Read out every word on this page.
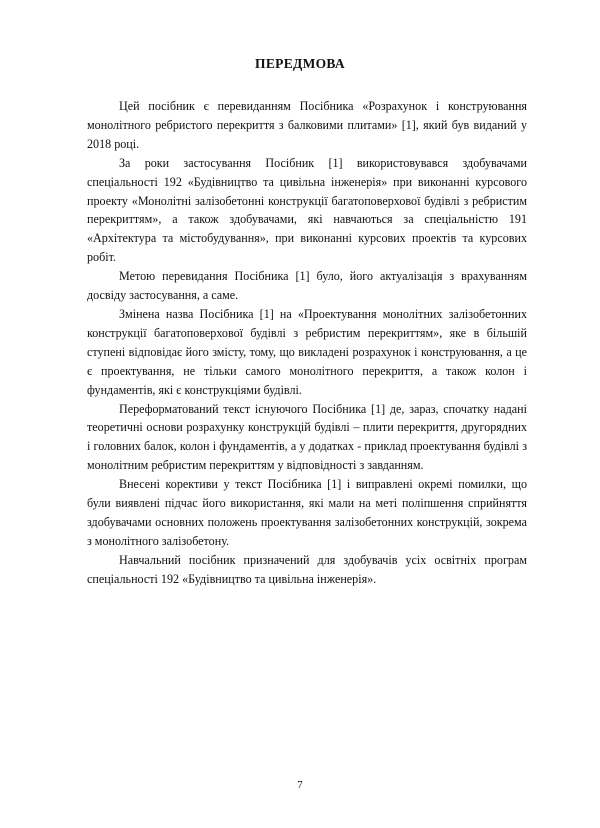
ПЕРЕДМОВА

Цей посібник є перевиданням Посібника «Розрахунок і конструювання монолітного ребристого перекриття з балковими плитами» [1], який був виданий у 2018 році.

За роки застосування Посібник [1] використовувався здобувачами спеціальності 192 «Будівництво та цивільна інженерія» при виконанні курсового проекту «Монолітні залізобетонні конструкції багатоповерхової будівлі з ребристим перекриттям», а також здобувачами, які навчаються за спеціальністю 191 «Архітектура та містобудування», при виконанні курсових проектів та курсових робіт.

Метою перевидання Посібника [1] було, його актуалізація з врахуванням досвіду застосування, а саме.

Змінена назва Посібника [1] на «Проектування монолітних залізобетонних конструкції багатоповерхової будівлі з ребристим перекриттям», яке в більшій ступені відповідає його змісту, тому, що викладені розрахунок і конструювання, а це є проектування, не тільки самого монолітного перекриття, а також колон і фундаментів, які є конструкціями будівлі.

Переформатований текст існуючого Посібника [1] де, зараз, спочатку надані теоретичні основи розрахунку конструкцій будівлі – плити перекриття, другорядних і головних балок, колон і фундаментів, а у додатках - приклад проектування будівлі з монолітним ребристим перекриттям у відповідності з завданням.

Внесені корективи у текст Посібника [1] і виправлені окремі помилки, що були виявлені підчас його використання, які мали на меті поліпшення сприйняття здобувачами основних положень проектування залізобетонних конструкцій, зокрема з монолітного залізобетону.

Навчальний посібник призначений для здобувачів усіх освітніх програм спеціальності 192 «Будівництво та цивільна інженерія».

7
